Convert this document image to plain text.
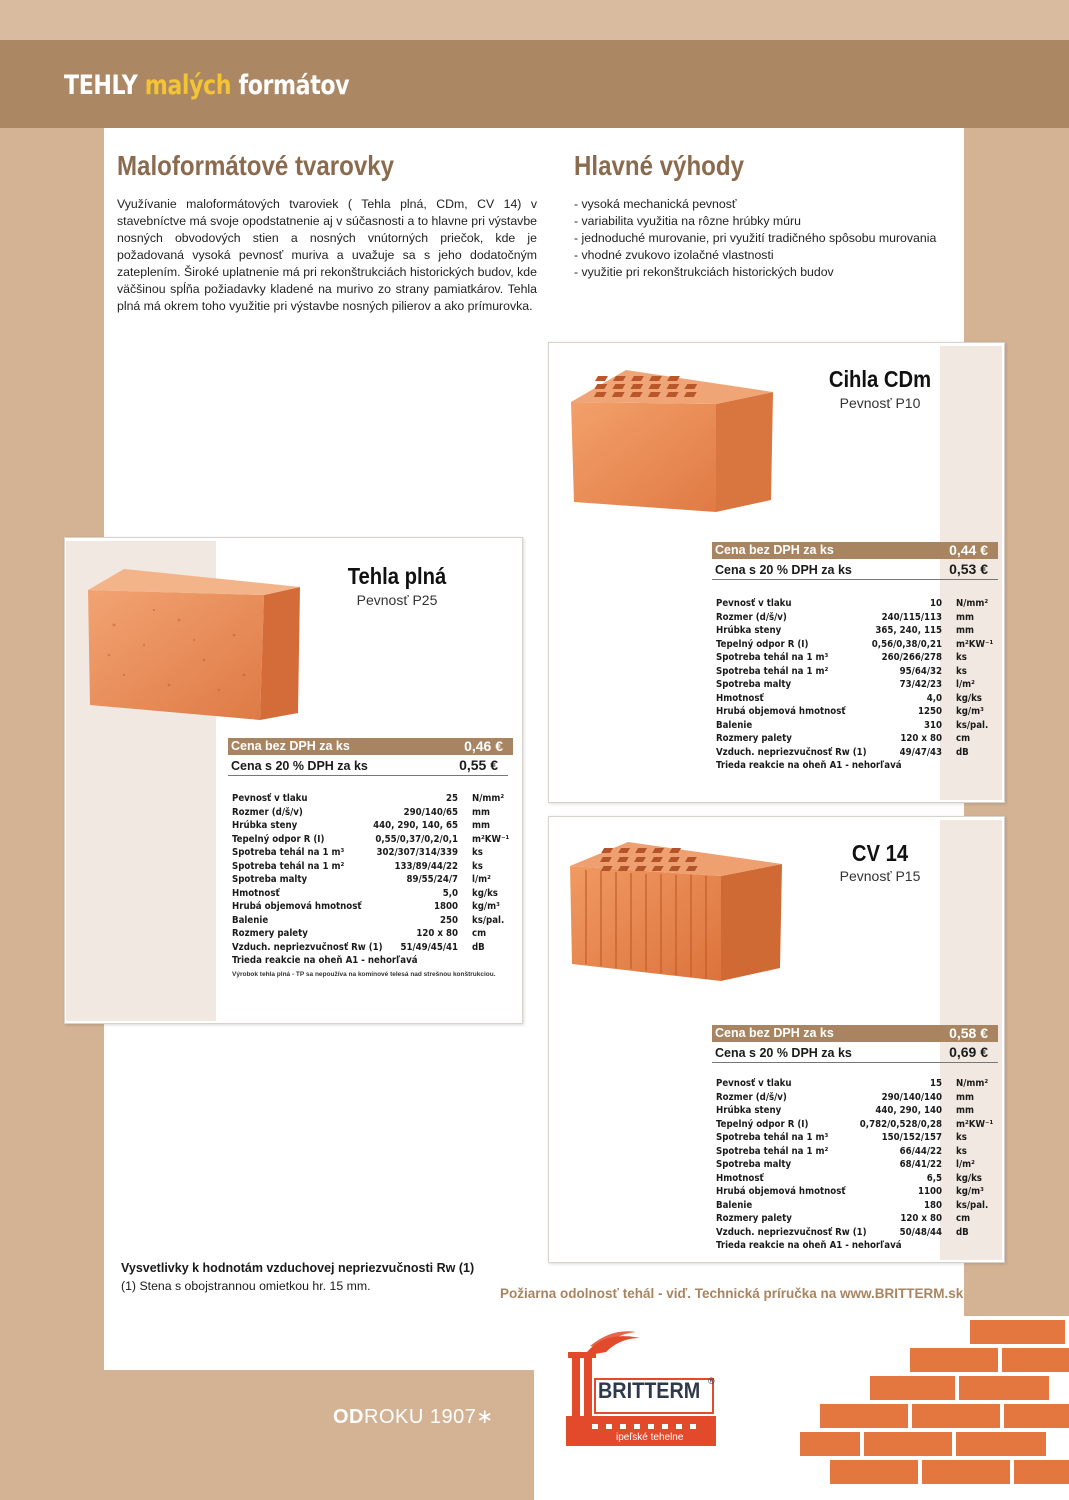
TEHLY malých formátov
Maloformátové tvarovky

Využívanie maloformátových tvaroviek ( Tehla plná, CDm, CV 14) v stavebníctve má svoje opodstatnenie aj v súčasnosti a to hlavne pri výstavbe nosných obvodových stien a nosných vnútorných priečok, kde je požadovaná vysoká pevnosť muriva a uvažuje sa s jeho dodatočným zateplením. Široké uplatnenie má pri rekonštrukciách historických budov, kde väčšinou spĺňa požiadavky kladené na murivo zo strany pamiatkárov. Tehla plná má okrem toho využitie pri výstavbe nosných pilierov a ako prímurovka.

Hlavné výhody
- vysoká mechanická pevnosť
- variabilita využitia na rôzne hrúbky múru
- jednoduché murovanie, pri využití tradičného spôsobu murovania
- vhodné zvukovo izolačné vlastnosti
- využitie pri rekonštrukciách historických budov
Cihla CDm
Pevnosť P10
Cena bez DPH za ks	0,44 €
Cena s 20 % DPH za ks	0,53 €
Pevnosť v tlaku	10 N/mm²
Rozmer (d/š/v)	240/115/113 mm
Hrúbka steny	365, 240, 115 mm
Tepelný odpor R (I)	0,56/0,38/0,21 m²KW⁻¹
Spotreba tehál na 1 m³	260/266/278 ks
Spotreba tehál na 1 m²	95/64/32 ks
Spotreba malty	73/42/23 l/m²
Hmotnosť	4,0 kg/ks
Hrubá objemová hmotnosť	1250 kg/m³
Balenie	310 ks/pal.
Rozmery palety	120 x 80 cm
Vzduch. nepriezvučnosť Rw (1)	49/47/43 dB
Trieda reakcie na oheň A1 - nehorľavá
Tehla plná
Pevnosť P25
Cena bez DPH za ks	0,46 €
Cena s 20 % DPH za ks	0,55 €
Pevnosť v tlaku	25 N/mm²
Rozmer (d/š/v)	290/140/65 mm
Hrúbka steny	440, 290, 140, 65 mm
Tepelný odpor R (I)	0,55/0,37/0,2/0,1 m²KW⁻¹
Spotreba tehál na 1 m³	302/307/314/339 ks
Spotreba tehál na 1 m²	133/89/44/22 ks
Spotreba malty	89/55/24/7 l/m²
Hmotnosť	5,0 kg/ks
Hrubá objemová hmotnosť	1800 kg/m³
Balenie	250 ks/pal.
Rozmery palety	120 x 80 cm
Vzduch. nepriezvučnosť Rw (1)	51/49/45/41 dB
Trieda reakcie na oheň A1 - nehorľavá
Výrobok tehla plná - TP sa nepoužíva na komínové telesá nad strešnou konštrukciou.
CV 14
Pevnosť P15
Cena bez DPH za ks	0,58 €
Cena s 20 % DPH za ks	0,69 €
Pevnosť v tlaku	15 N/mm²
Rozmer (d/š/v)	290/140/140 mm
Hrúbka steny	440, 290, 140 mm
Tepelný odpor R (I)	0,782/0,528/0,28 m²KW⁻¹
Spotreba tehál na 1 m³	150/152/157 ks
Spotreba tehál na 1 m²	66/44/22 ks
Spotreba malty	68/41/22 l/m²
Hmotnosť	6,5 kg/ks
Hrubá objemová hmotnosť	1100 kg/m³
Balenie	180 ks/pal.
Rozmery palety	120 x 80 cm
Vzduch. nepriezvučnosť Rw (1)	50/48/44 dB
Trieda reakcie na oheň A1 - nehorľavá
Vysvetlivky k hodnotám vzduchovej nepriezvučnosti Rw (1)
(1) Stena s obojstrannou omietkou hr. 15 mm.	Požiarna odolnosť tehál - viď. Technická príručka na www.BRITTERM.sk
ODROKU 1907∗
BRITTERM ®
ipeľské tehelne
